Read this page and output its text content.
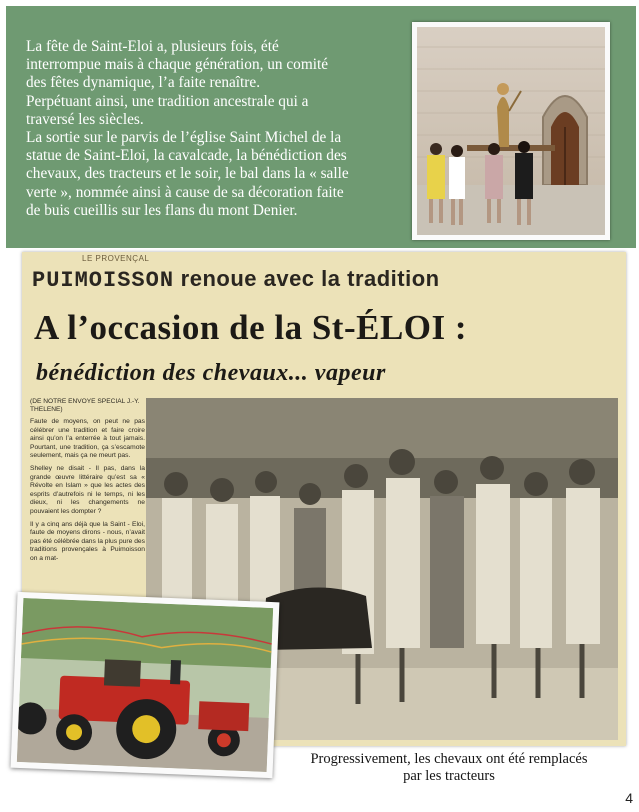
La fête de Saint-Eloi a, plusieurs fois, été
interrompue mais à chaque génération, un comité
des fêtes dynamique, l’a faite renaître.
Perpétuant ainsi, une tradition ancestrale qui a
traversé les siècles.
La sortie sur le parvis de l’église Saint Michel de la
statue de Saint-Eloi, la cavalcade, la bénédiction des
chevaux, des tracteurs et le soir, le bal dans la « salle
verte », nommée ainsi à cause de sa décoration faite
de buis cueillis sur les flans du mont Denier.
LE PROVENÇAL
PUIMOISSON renoue avec la tradition
A l’occasion de la St-ÉLOI :
bénédiction des chevaux... vapeur
(DE NOTRE ENVOYE SPECIAL J.-Y. THELENE)

Faute de moyens, on peut ne pas célébrer une tradition et faire croire ainsi qu’on l’a enterrée à tout jamais. Pourtant, une tradition, ça s’escamote seulement, mais ça ne meurt pas.

Shelley ne disait - Il pas, dans la grande œuvre littéraire qu’est sa « Révolte en Islam » que les actes des esprits d’autrefois ni le temps, ni les dieux, ni les changements ne pouvaient les dompter ?

Il y a cinq ans déjà que la Saint - Eloi, faute de moyens dirons - nous, n’avait pas été célébrée dans la plus pure des traditions provençales à Puimoisson on a mat-

Progressivement, les chevaux ont été remplacés
par les tracteurs
4
